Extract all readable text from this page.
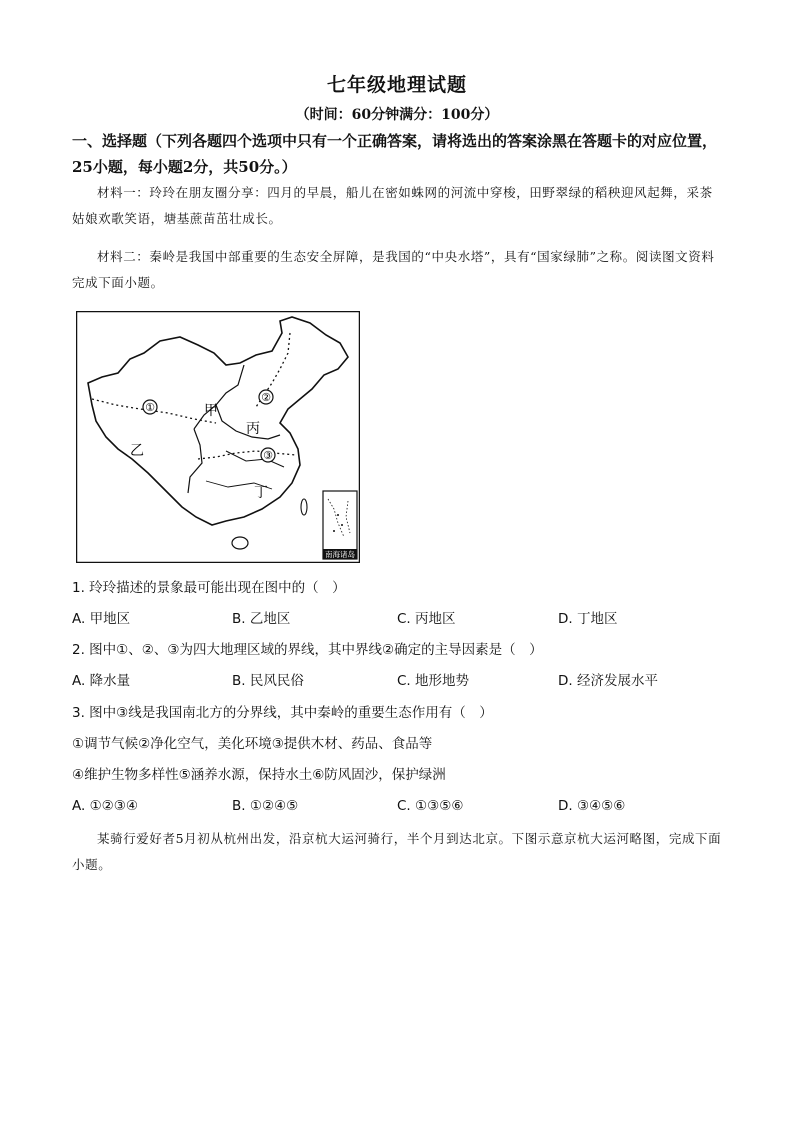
七年级地理试题
（时间：60分钟满分：100分）
一、选择题（下列各题四个选项中只有一个正确答案，请将选出的答案涂黑在答题卡的对应位置，25小题，每小题2分，共50分。）
材料一：玲玲在朋友圈分享：四月的早晨，船儿在密如蛛网的河流中穿梭，田野翠绿的稻秧迎风起舞，采茶姑娘欢歌笑语，塘基蔗苗茁壮成长。
材料二：秦岭是我国中部重要的生态安全屏障，是我国的“中央水塔”，具有“国家绿肺”之称。阅读图文资料完成下面小题。
甲
乙
丙
丁
①
②
③
南海诸岛
1. 玲玲描述的景象最可能出现在图中的（　）
A. 甲地区	B. 乙地区	C. 丙地区	D. 丁地区
2. 图中①、②、③为四大地理区域的界线，其中界线②确定的主导因素是（　）
A. 降水量	B. 民风民俗	C. 地形地势	D. 经济发展水平
3. 图中③线是我国南北方的分界线，其中秦岭的重要生态作用有（　）
①调节气候②净化空气，美化环境③提供木材、药品、食品等
④维护生物多样性⑤涵养水源，保持水土⑥防风固沙，保护绿洲
A. ①②③④	B. ①②④⑤	C. ①③⑤⑥	D. ③④⑤⑥
某骑行爱好者5月初从杭州出发，沿京杭大运河骑行，半个月到达北京。下图示意京杭大运河略图，完成下面小题。
